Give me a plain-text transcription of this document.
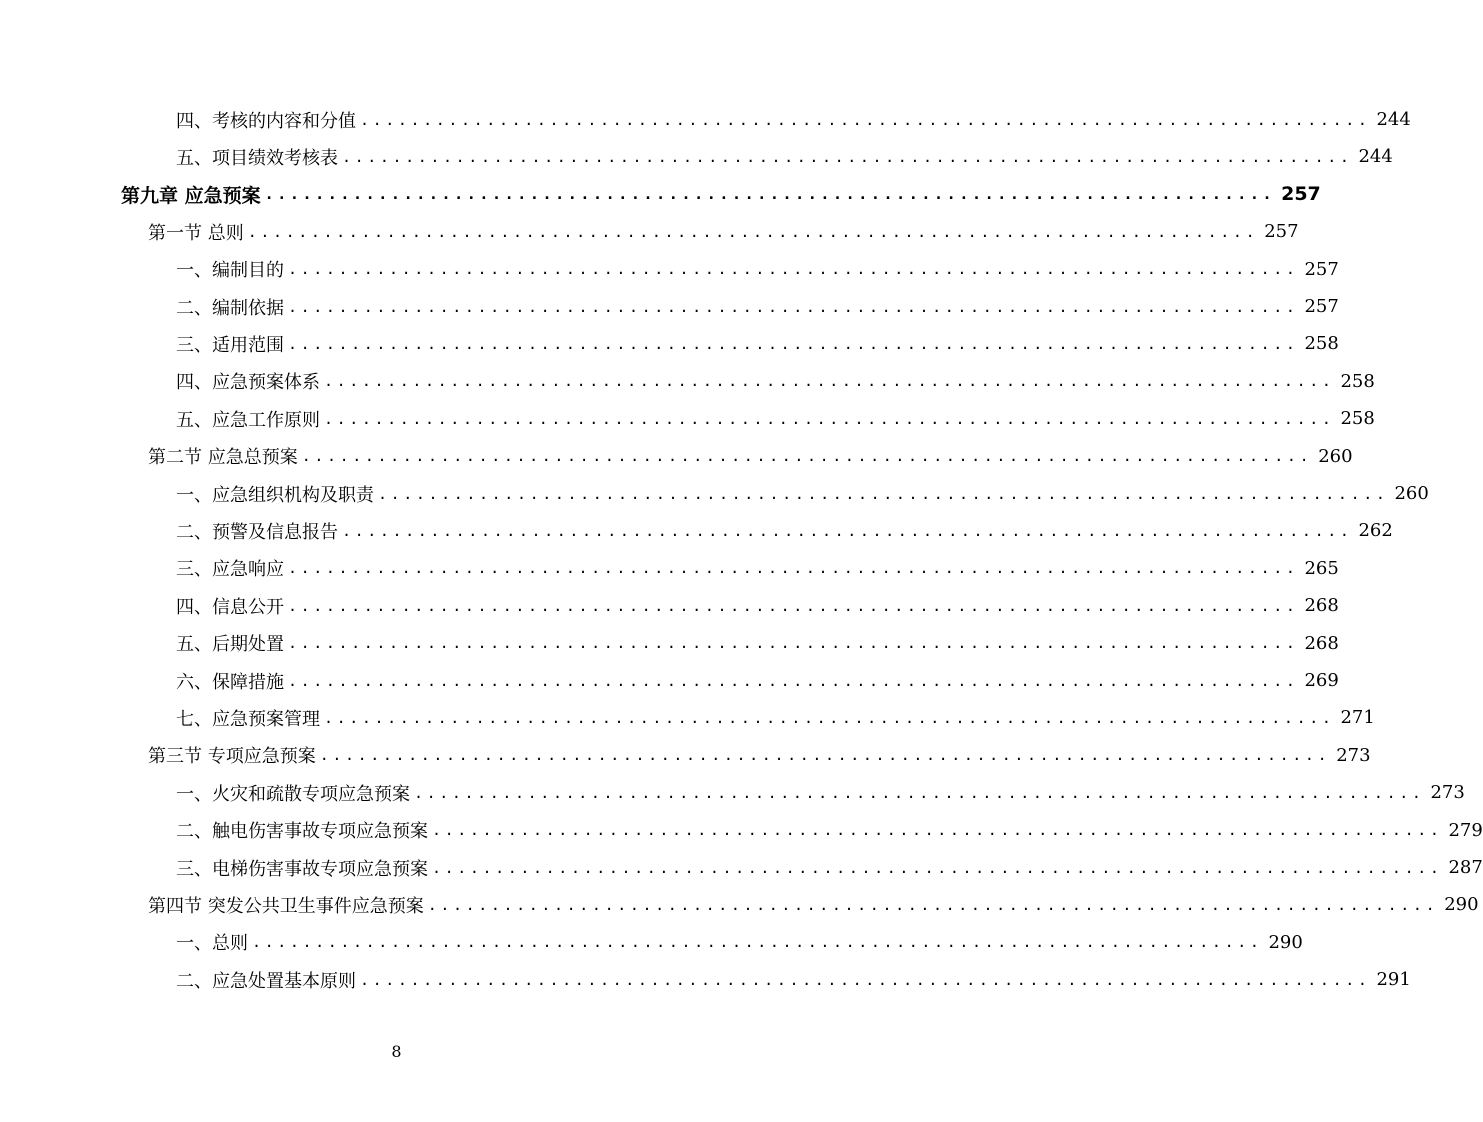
四、考核的内容和分值 ................................................................................ 244
五、项目绩效考核表 ................................................................................ 244
第九章 应急预案 ................................................................................ 257
第一节 总则 ................................................................................ 257
一、编制目的 ................................................................................ 257
二、编制依据 ................................................................................ 257
三、适用范围 ................................................................................ 258
四、应急预案体系 ................................................................................ 258
五、应急工作原则 ................................................................................ 258
第二节 应急总预案 ................................................................................ 260
一、应急组织机构及职责 ................................................................................ 260
二、预警及信息报告 ................................................................................ 262
三、应急响应 ................................................................................ 265
四、信息公开 ................................................................................ 268
五、后期处置 ................................................................................ 268
六、保障措施 ................................................................................ 269
七、应急预案管理 ................................................................................ 271
第三节 专项应急预案 ................................................................................ 273
一、火灾和疏散专项应急预案 ................................................................................ 273
二、触电伤害事故专项应急预案 ................................................................................ 279
三、电梯伤害事故专项应急预案 ................................................................................ 287
第四节 突发公共卫生事件应急预案 ................................................................................ 290
一、总则 ................................................................................ 290
二、应急处置基本原则 ................................................................................ 291
8
